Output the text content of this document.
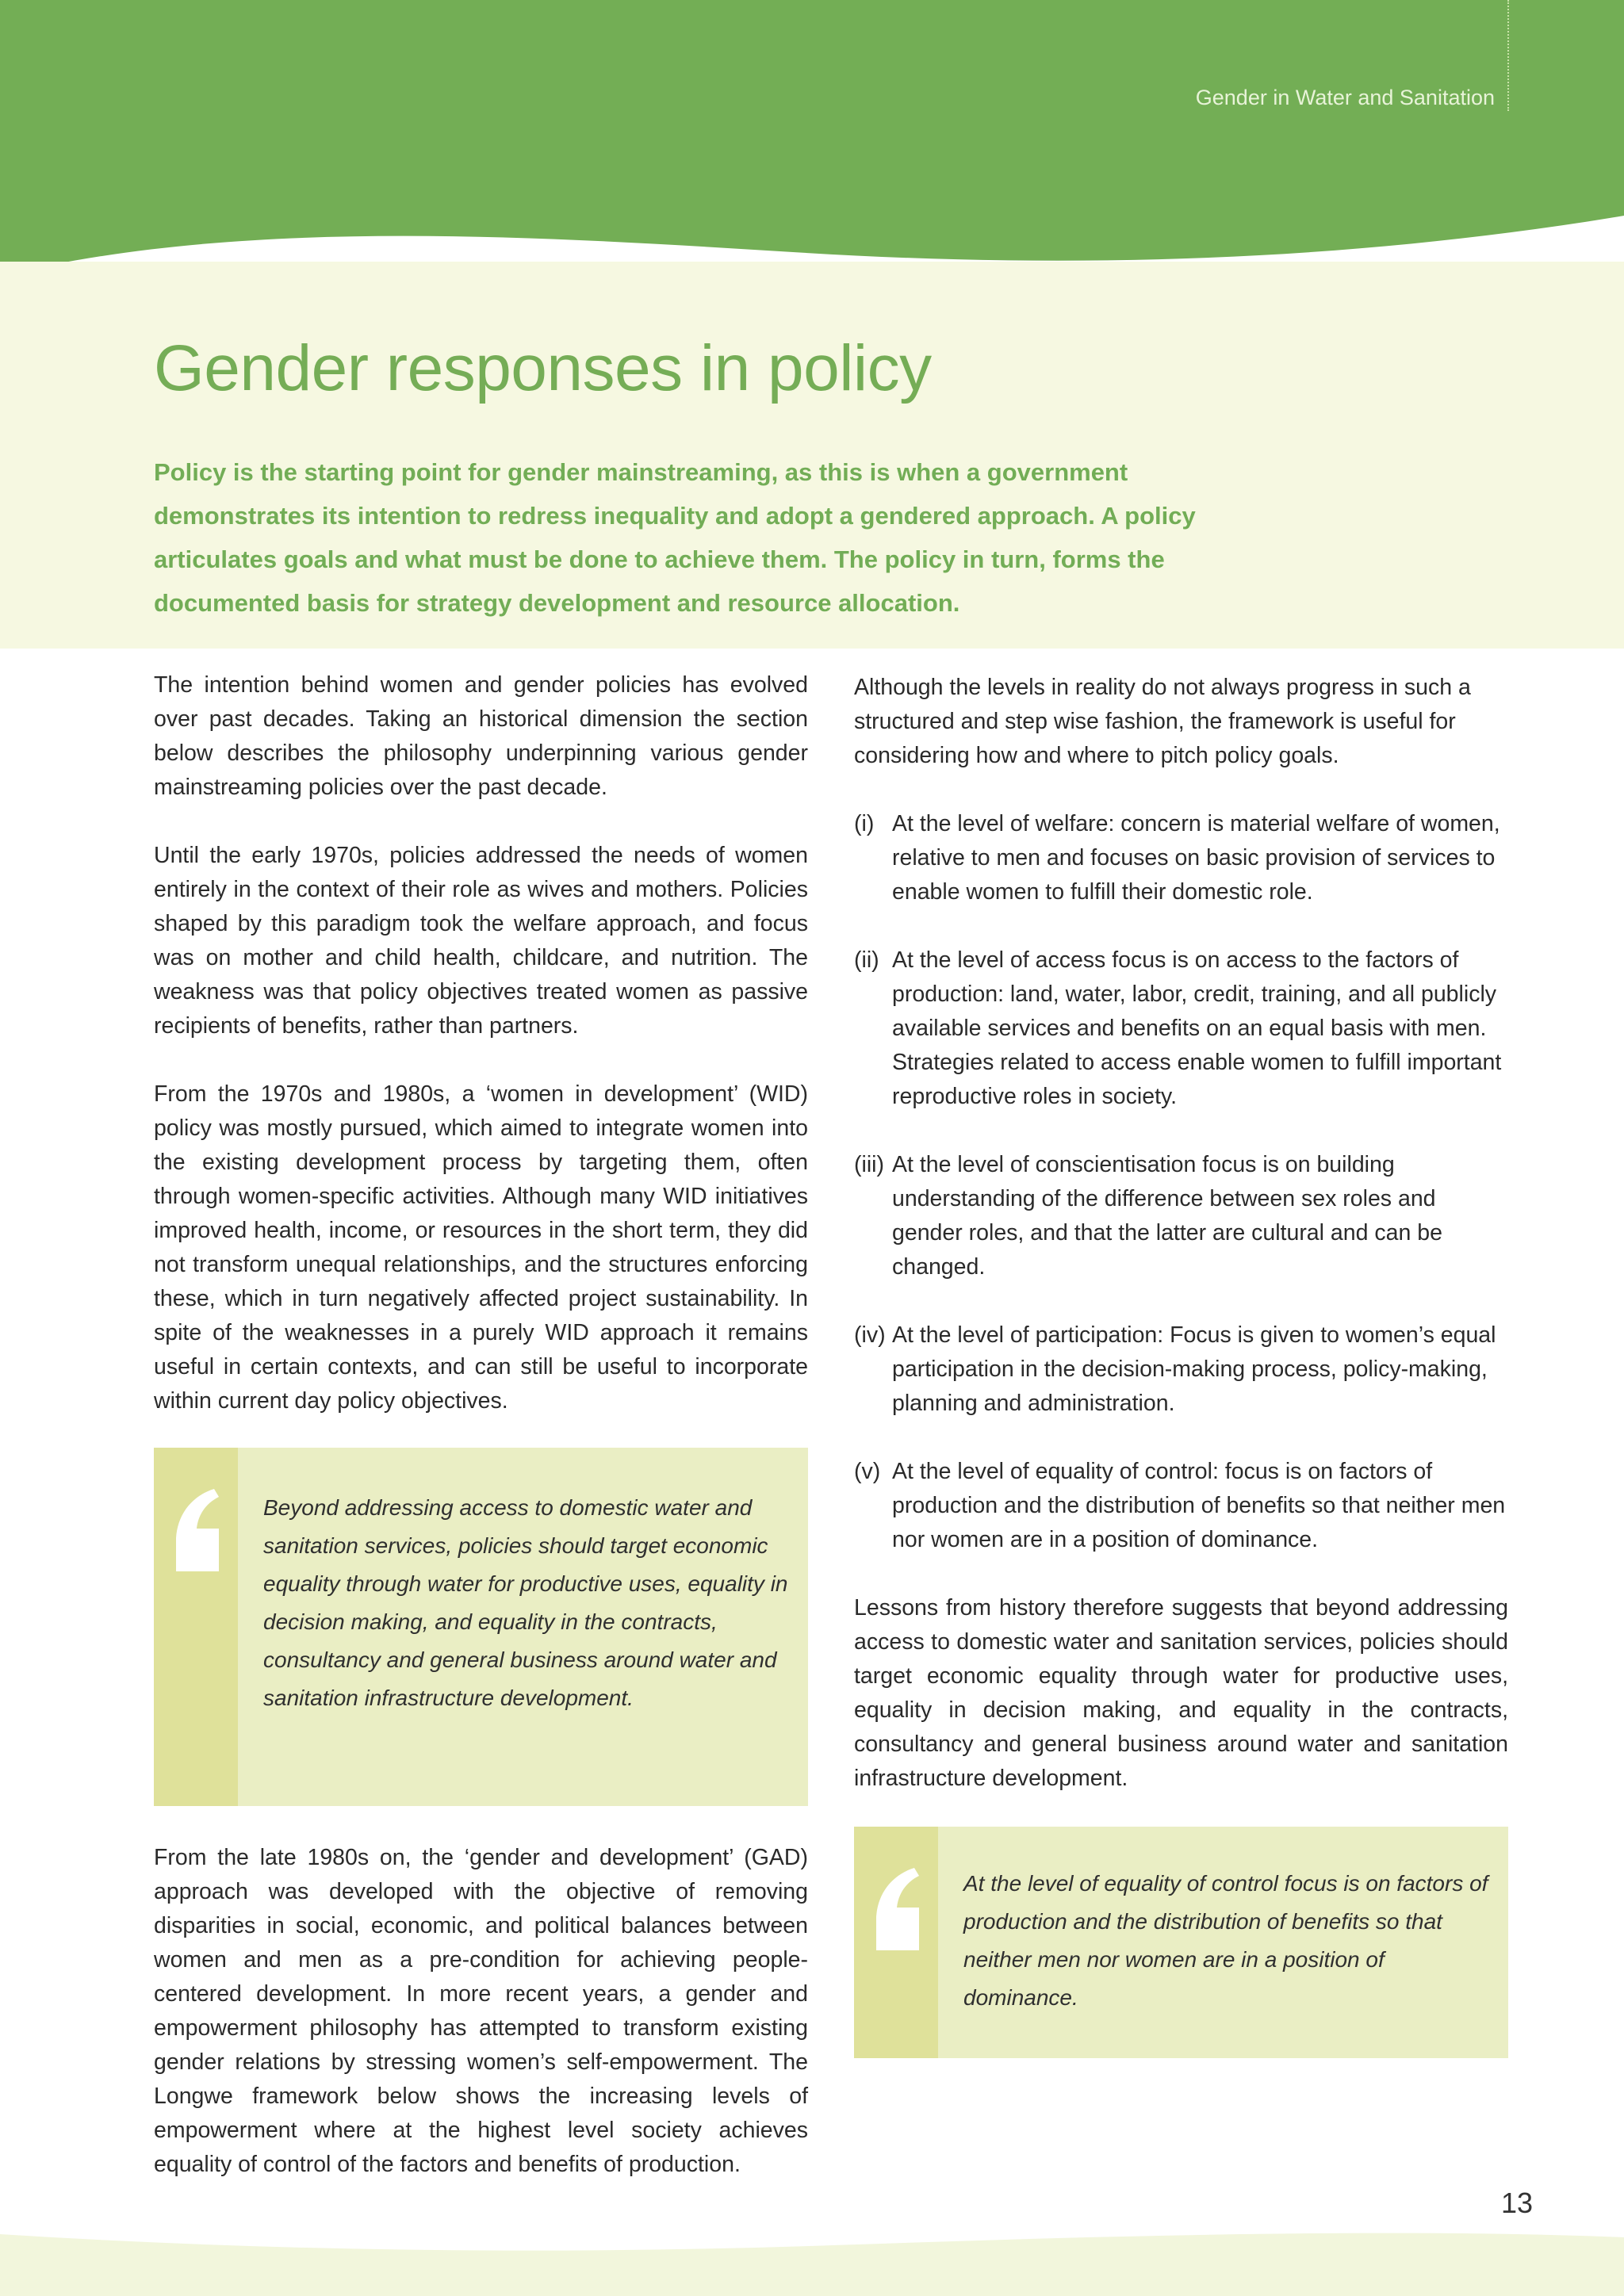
Gender in Water and Sanitation
Gender responses in policy

Policy is the starting point for gender mainstreaming, as this is when a government demonstrates its intention to redress inequality and adopt a gendered approach. A policy articulates goals and what must be done to achieve them. The policy in turn, forms the documented basis for strategy development and resource allocation.

The intention behind women and gender policies has evolved over past decades. Taking an historical dimension the section below describes the philosophy underpinning various gender mainstreaming policies over the past decade.

Until the early 1970s, policies addressed the needs of women entirely in the context of their role as wives and mothers. Policies shaped by this paradigm took the welfare approach, and focus was on mother and child health, childcare, and nutrition. The weakness was that policy objectives treated women as passive recipients of benefits, rather than partners.

From the 1970s and 1980s, a ‘women in development’ (WID) policy was mostly pursued, which aimed to integrate women into the existing development process by targeting them, often through women-specific activities. Although many WID initiatives improved health, income, or resources in the short term, they did not transform unequal relationships, and the structures enforcing these, which in turn negatively affected project sustainability. In spite of the weaknesses in a purely WID approach it remains useful in certain contexts, and can still be useful to incorporate within current day policy objectives.

Beyond addressing access to domestic water and sanitation services, policies should target economic equality through water for productive uses, equality in decision making, and equality in the contracts, consultancy and general business around water and sanitation infrastructure development.

From the late 1980s on, the ‘gender and development’ (GAD) approach was developed with the objective of removing disparities in social, economic, and political balances between women and men as a pre-condition for achieving people-centered development. In more recent years, a gender and empowerment philosophy has attempted to transform existing gender relations by stressing women’s self-empowerment. The Longwe framework below shows the increasing levels of empowerment where at the highest level society achieves equality of control of the factors and benefits of production.

Although the levels in reality do not always progress in such a structured and step wise fashion, the framework is useful for considering how and where to pitch policy goals.

(i) At the level of welfare: concern is material welfare of women, relative to men and focuses on basic provision of services to enable women to fulfill their domestic role.
(ii) At the level of access focus is on access to the factors of production: land, water, labor, credit, training, and all publicly available services and benefits on an equal basis with men. Strategies related to access enable women to fulfill important reproductive roles in society.
(iii) At the level of conscientisation focus is on building understanding of the difference between sex roles and gender roles, and that the latter are cultural and can be changed.
(iv) At the level of participation: Focus is given to women’s equal participation in the decision-making process, policy-making, planning and administration.
(v) At the level of equality of control: focus is on factors of production and the distribution of benefits so that neither men nor women are in a position of dominance.

Lessons from history therefore suggests that beyond addressing access to domestic water and sanitation services, policies should target economic equality through water for productive uses, equality in decision making, and equality in the contracts, consultancy and general business around water and sanitation infrastructure development.

At the level of equality of control focus is on factors of production and the distribution of benefits so that neither men nor women are in a position of dominance.
13
